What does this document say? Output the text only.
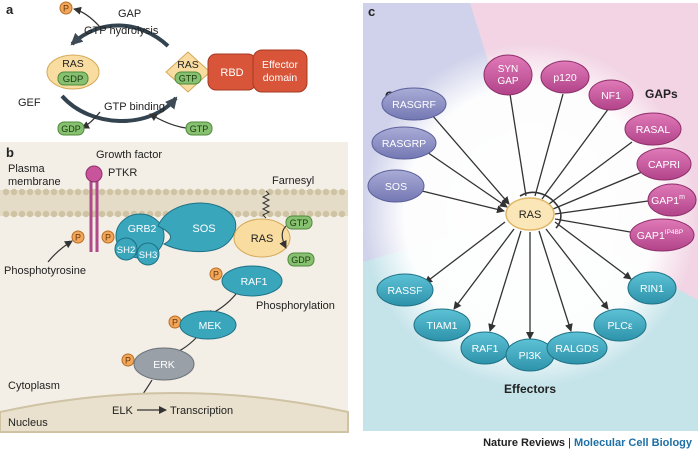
a	GAP
GTP hydrolysis
GEF	GTP binding
P
RAS
GDP
RAS
GTP RBD
Effector
domain
GDP	GTP
b
Plasma
membrane
Growth factor
PTKR
P	P
Phosphotyrosine
GRB2
SH2 SH3
SOS
RAS
Farnesyl
GTP
GDP
P
RAF1
Phosphorylation
P MEK
P ERK
Cytoplasm
Nucleus
ELK	Transcription
c
GAPs
Effectors
RAS
RASGRF
RASGRP
SOS
SYN
GAP	p120
NF1
RASAL
CAPRI
GAP1$^m$
$GAP1^{IP4BP}$
RASSF
TIAM1
RAF1
PI3K
RALGDS
PLCε
RIN1
Nature Reviews | Molecular Cell Biology
